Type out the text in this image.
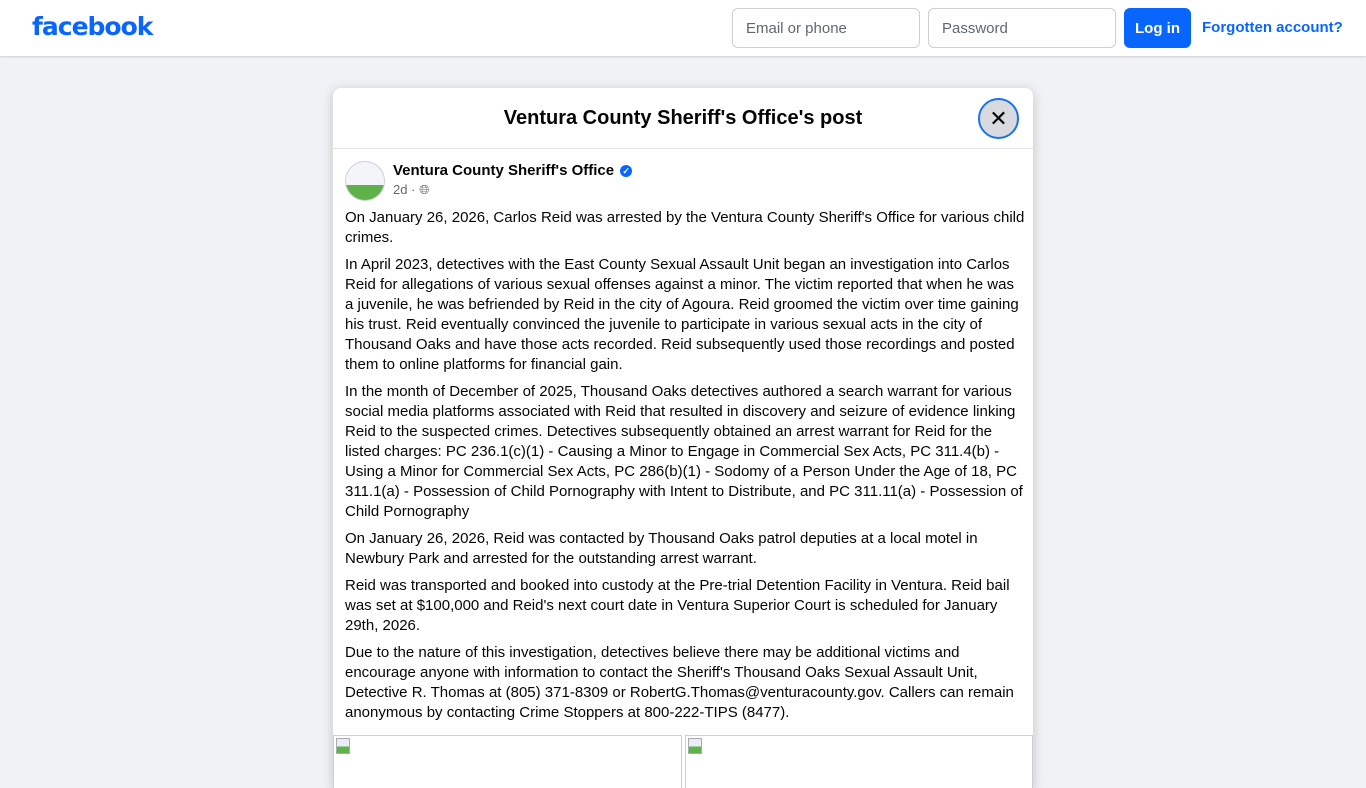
facebook
Email or phone	Log in	Forgotten account?
Ventura County Sheriff's Office's post	✕
Ventura County Sheriff's Office ✓
2d · 🌐︎

On January 26, 2026, Carlos Reid was arrested by the Ventura County Sheriff's Office for various child crimes.

In April 2023, detectives with the East County Sexual Assault Unit began an investigation into Carlos Reid for allegations of various sexual offenses against a minor. The victim reported that when he was a juvenile, he was befriended by Reid in the city of Agoura. Reid groomed the victim over time gaining his trust. Reid eventually convinced the juvenile to participate in various sexual acts in the city of Thousand Oaks and have those acts recorded. Reid subsequently used those recordings and posted them to online platforms for financial gain.

In the month of December of 2025, Thousand Oaks detectives authored a search warrant for various social media platforms associated with Reid that resulted in discovery and seizure of evidence linking Reid to the suspected crimes. Detectives subsequently obtained an arrest warrant for Reid for the listed charges: PC 236.1(c)(1) - Causing a Minor to Engage in Commercial Sex Acts, PC 311.4(b) - Using a Minor for Commercial Sex Acts, PC 286(b)(1) - Sodomy of a Person Under the Age of 18, PC 311.1(a) - Possession of Child Pornography with Intent to Distribute, and PC 311.11(a) - Possession of Child Pornography

On January 26, 2026, Reid was contacted by Thousand Oaks patrol deputies at a local motel in Newbury Park and arrested for the outstanding arrest warrant.

Reid was transported and booked into custody at the Pre-trial Detention Facility in Ventura. Reid bail was set at $100,000 and Reid's next court date in Ventura Superior Court is scheduled for January 29th, 2026.

Due to the nature of this investigation, detectives believe there may be additional victims and encourage anyone with information to contact the Sheriff's Thousand Oaks Sexual Assault Unit, Detective R. Thomas at (805) 371-8309 or RobertG.Thomas@venturacounty.gov. Callers can remain anonymous by contacting Crime Stoppers at 800-222-TIPS (8477).
